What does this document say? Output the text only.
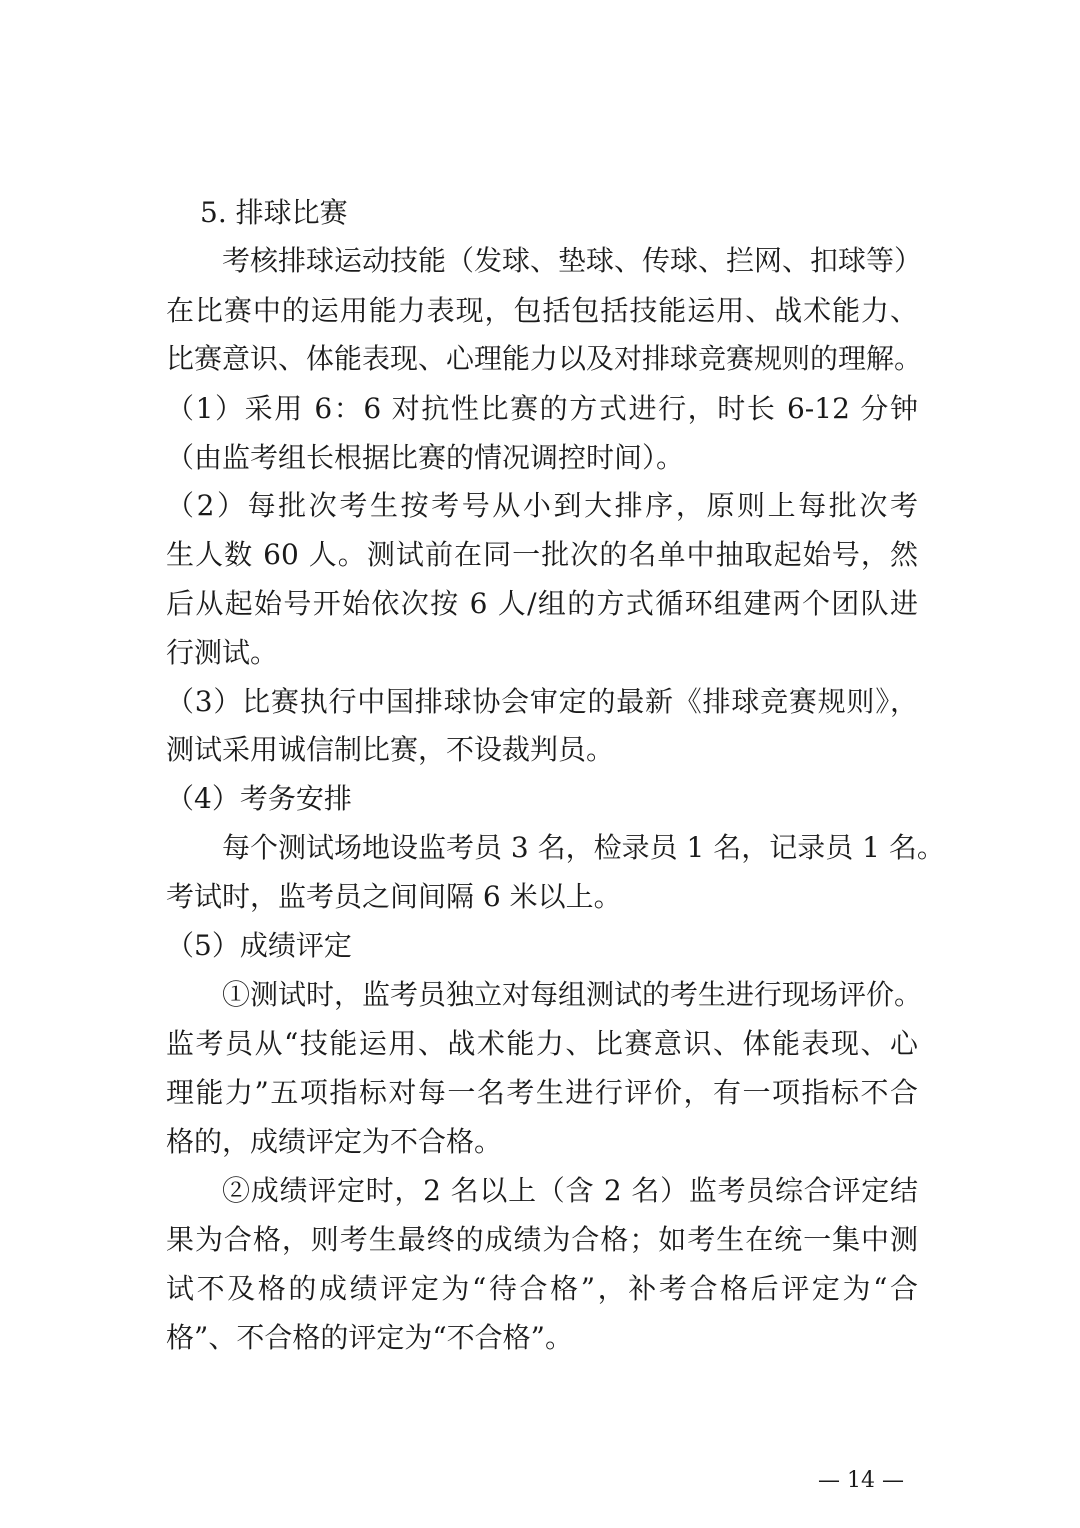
5. 排球比赛
考核排球运动技能（发球、垫球、传球、拦网、扣球等）
在比赛中的运用能力表现，包括包括技能运用、战术能力、
比赛意识、体能表现、心理能力以及对排球竞赛规则的理解。
（1）采用 6：6 对抗性比赛的方式进行，时长 6-12 分钟
（由监考组长根据比赛的情况调控时间）。
（2）每批次考生按考号从小到大排序，原则上每批次考
生人数 60 人。测试前在同一批次的名单中抽取起始号，然
后从起始号开始依次按 6 人/组的方式循环组建两个团队进
行测试。
（3）比赛执行中国排球协会审定的最新《排球竞赛规则》，
测试采用诚信制比赛，不设裁判员。
（4）考务安排
每个测试场地设监考员 3 名，检录员 1 名，记录员 1 名。
考试时，监考员之间间隔 6 米以上。
（5）成绩评定
①测试时，监考员独立对每组测试的考生进行现场评价。
监考员从“技能运用、战术能力、比赛意识、体能表现、心
理能力”五项指标对每一名考生进行评价，有一项指标不合
格的，成绩评定为不合格。
②成绩评定时，2 名以上（含 2 名）监考员综合评定结
果为合格，则考生最终的成绩为合格；如考生在统一集中测
试不及格的成绩评定为“待合格”，补考合格后评定为“合
格”、不合格的评定为“不合格”。
— 14 —
